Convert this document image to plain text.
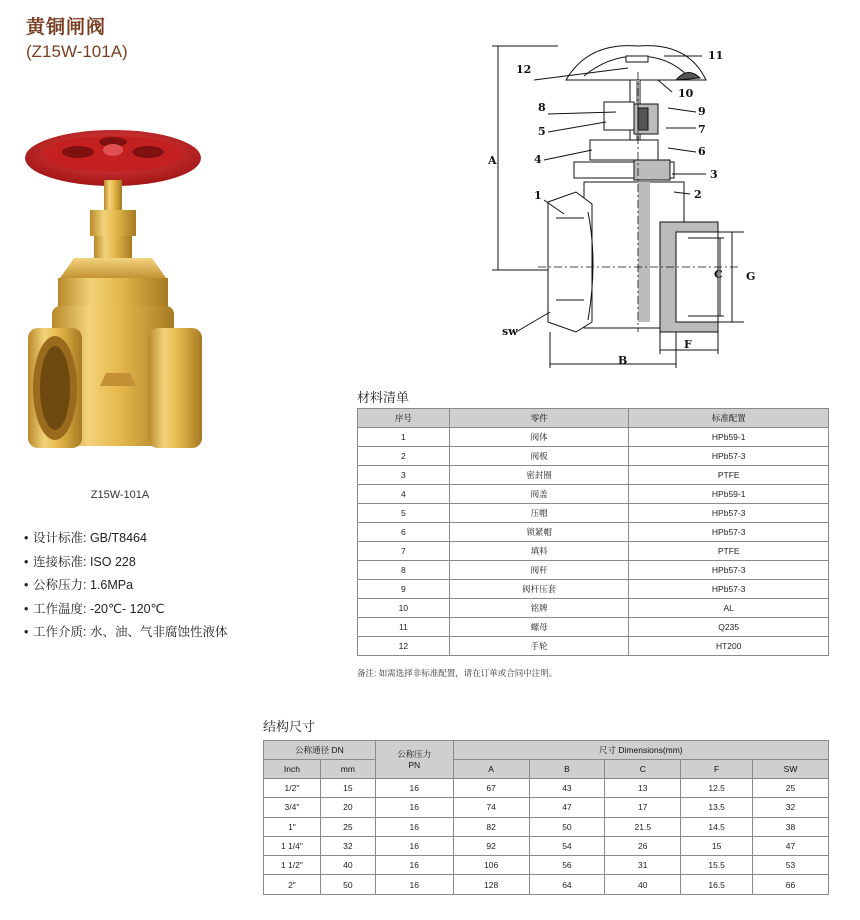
黄铜闸阀
(Z15W-101A)
Z15W-101A
• 设计标准: GB/T8464
• 连接标准: ISO 228
• 公称压力: 1.6MPa
• 工作温度: -20℃- 120℃
• 工作介质: 水、油、气非腐蚀性液体
12
8
5
4
1
sw
11
10
9
7
6
3
2
A
B
C G
F
材料清单
序号	零件	标准配置
1	阀体	HPb59-1
2	阀板	HPb57-3
3	密封圈	PTFE
4	阀盖	HPb59-1
5	压帽	HPb57-3
6	锁紧帽	HPb57-3
7	填料	PTFE
8	阀杆	HPb57-3
9	阀杆压套	HPb57-3
10	铭牌	AL
11	螺母	Q235
12	手轮	HT200
备注: 如需选择非标准配置，请在订单或合同中注明。
结构尺寸
公称通径 DN		公称压力 PN	尺寸 Dimensions(mm)				
Inch	mm		A	B	C	F	SW
1/2"	15	16	67	43	13	12.5	25
3/4"	20	16	74	47	17	13.5	32
1"	25	16	82	50	21.5	14.5	38
1 1/4"	32	16	92	54	26	15	47
1 1/2"	40	16	106	56	31	15.5	53
2"	50	16	128	64	40	16.5	66
